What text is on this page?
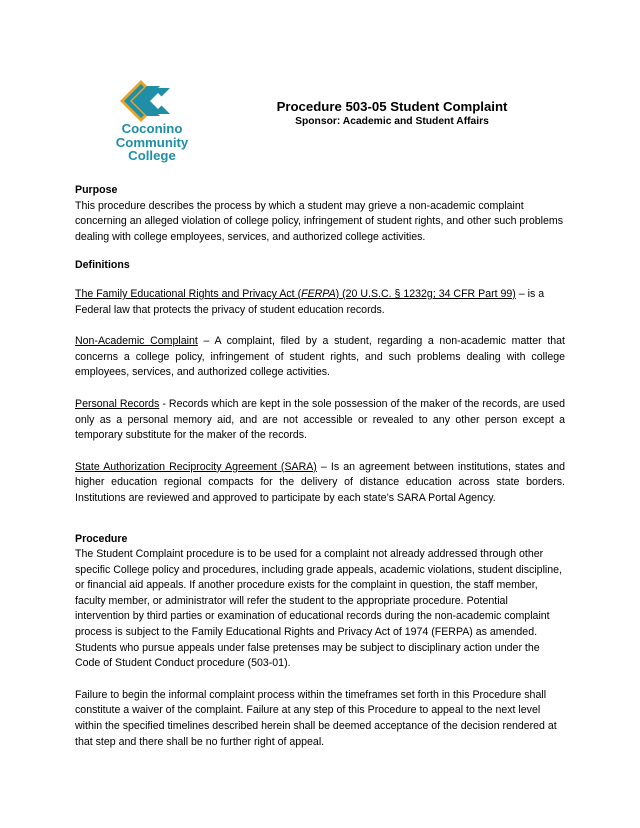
Coconino
Community
College
Procedure 503-05 Student Complaint
Sponsor: Academic and Student Affairs

Purpose

This procedure describes the process by which a student may grieve a non-academic complaint concerning an alleged violation of college policy, infringement of student rights, and other such problems dealing with college employees, services, and authorized college activities.

Definitions

The Family Educational Rights and Privacy Act (FERPA) (20 U.S.C. § 1232g; 34 CFR Part 99) – is a Federal law that protects the privacy of student education records.

Non-Academic Complaint – A complaint, filed by a student, regarding a non-academic matter that concerns a college policy, infringement of student rights, and such problems dealing with college employees, services, and authorized college activities.

Personal Records - Records which are kept in the sole possession of the maker of the records, are used only as a personal memory aid, and are not accessible or revealed to any other person except a temporary substitute for the maker of the records.

State Authorization Reciprocity Agreement (SARA) – Is an agreement between institutions, states and higher education regional compacts for the delivery of distance education across state borders. Institutions are reviewed and approved to participate by each state’s SARA Portal Agency.

Procedure

The Student Complaint procedure is to be used for a complaint not already addressed through other specific College policy and procedures, including grade appeals, academic violations, student discipline, or financial aid appeals. If another procedure exists for the complaint in question, the staff member, faculty member, or administrator will refer the student to the appropriate procedure. Potential intervention by third parties or examination of educational records during the non-academic complaint process is subject to the Family Educational Rights and Privacy Act of 1974 (FERPA) as amended. Students who pursue appeals under false pretenses may be subject to disciplinary action under the Code of Student Conduct procedure (503-01).

Failure to begin the informal complaint process within the timeframes set forth in this Procedure shall constitute a waiver of the complaint. Failure at any step of this Procedure to appeal to the next level within the specified timelines described herein shall be deemed acceptance of the decision rendered at that step and there shall be no further right of appeal.
